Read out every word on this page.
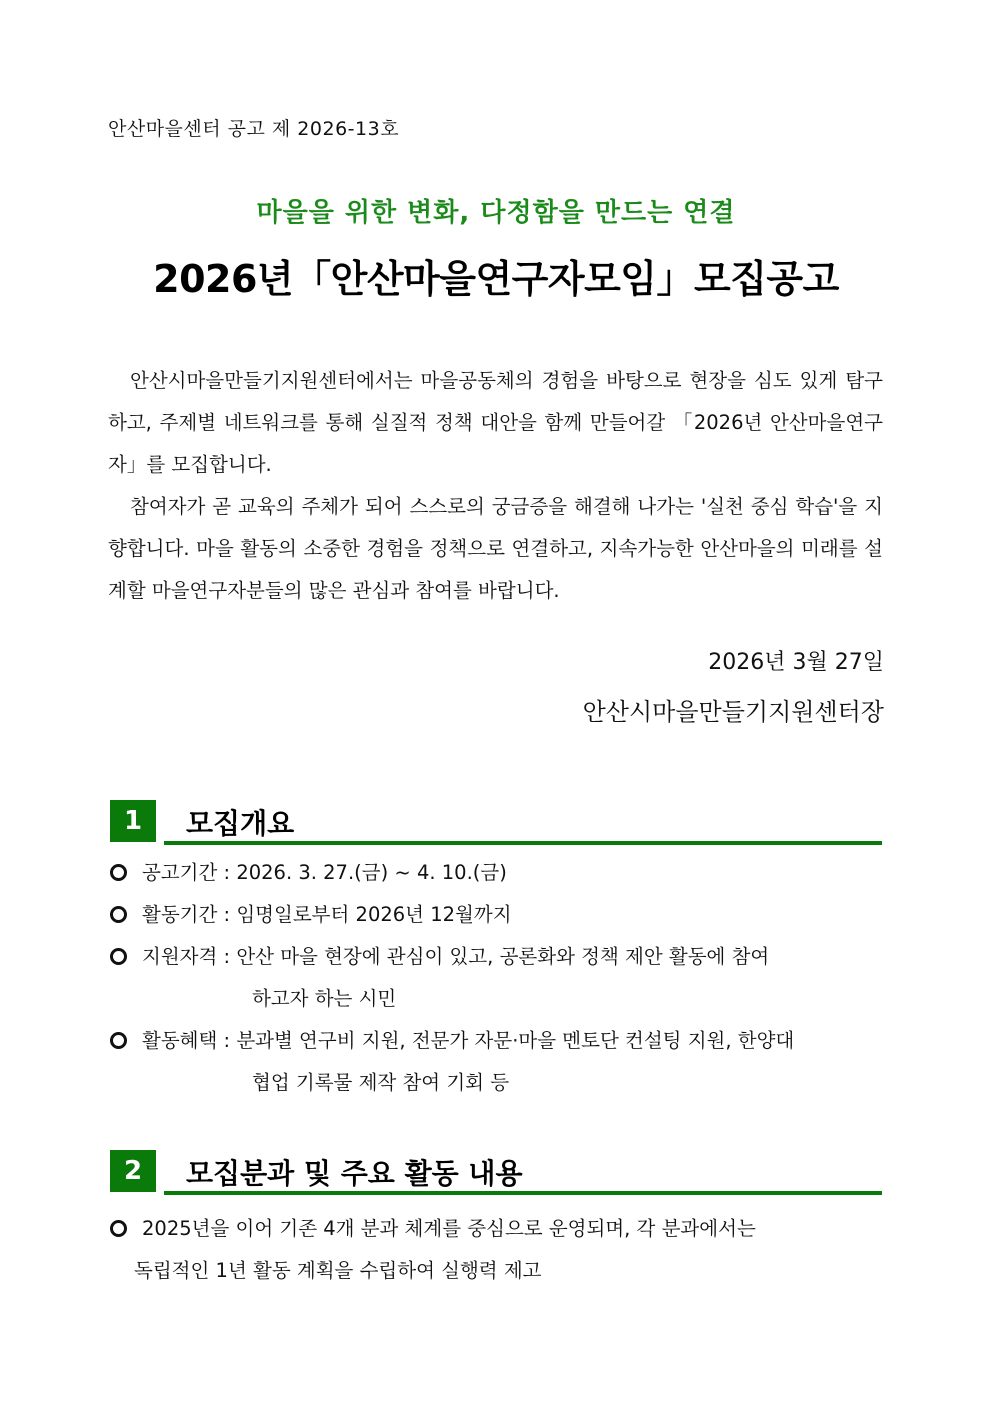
안산마을센터 공고 제 2026-13호
마을을 위한 변화, 다정함을 만드는 연결
2026년「안산마을연구자모임」모집공고

안산시마을만들기지원센터에서는 마을공동체의 경험을 바탕으로 현장을 심도 있게 탐구하고, 주제별 네트워크를 통해 실질적 정책 대안을 함께 만들어갈 「2026년 안산마을연구자」를 모집합니다.

참여자가 곧 교육의 주체가 되어 스스로의 궁금증을 해결해 나가는 '실천 중심 학습'을 지향합니다. 마을 활동의 소중한 경험을 정책으로 연결하고, 지속가능한 안산마을의 미래를 설계할 마을연구자분들의 많은 관심과 참여를 바랍니다.

2026년 3월 27일
안산시마을만들기지원센터장
1	모집개요
공고기간 : 2026. 3. 27.(금) ~ 4. 10.(금)
활동기간 : 임명일로부터 2026년 12월까지
지원자격 : 안산 마을 현장에 관심이 있고, 공론화와 정책 제안 활동에 참여
하고자 하는 시민
활동혜택 : 분과별 연구비 지원, 전문가 자문·마을 멘토단 컨설팅 지원, 한양대
협업 기록물 제작 참여 기회 등
2	모집분과 및 주요 활동 내용
2025년을 이어 기존 4개 분과 체계를 중심으로 운영되며, 각 분과에서는
독립적인 1년 활동 계획을 수립하여 실행력 제고
